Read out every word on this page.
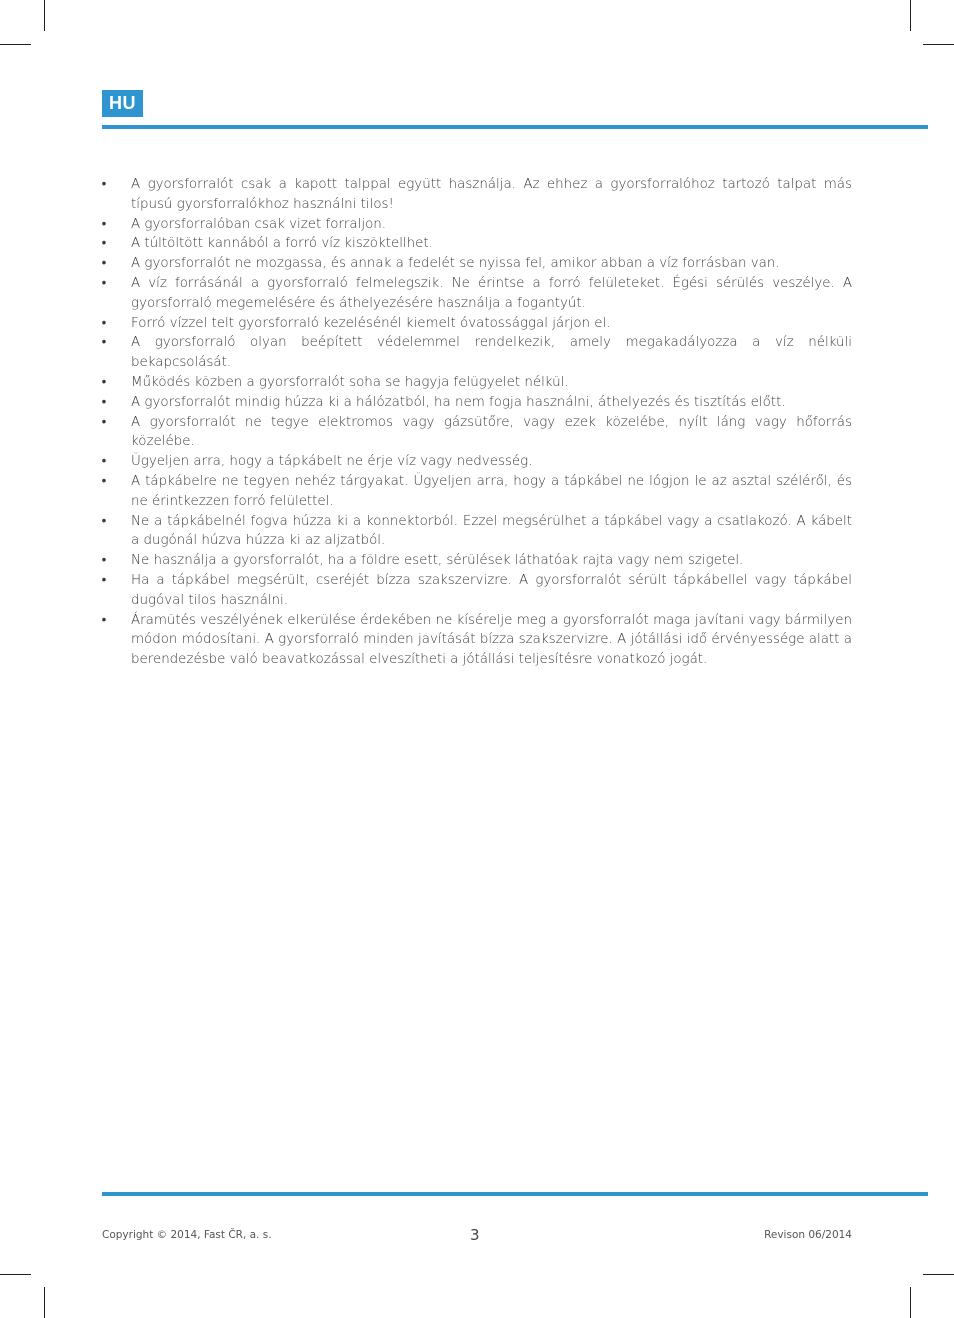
HU
• A gyorsforralót csak a kapott talppal együtt használja. Az ehhez a gyorsforralóhoz tartozó talpat más típusú gyorsforralókhoz használni tilos!
• A gyorsforralóban csak vizet forraljon.
• A túltöltött kannából a forró víz kiszöktellhet.
• A gyorsforralót ne mozgassa, és annak a fedelét se nyissa fel, amikor abban a víz forrásban van.
• A víz forrásánál a gyorsforraló felmelegszik. Ne érintse a forró felületeket. Égési sérülés veszélye. A gyorsforraló megemelésére és áthelyezésére használja a fogantyút.
• Forró vízzel telt gyorsforraló kezelésénél kiemelt óvatossággal járjon el.
• A gyorsforraló olyan beépített védelemmel rendelkezik, amely megakadályozza a víz nélküli bekapcsolását.
• Működés közben a gyorsforralót soha se hagyja felügyelet nélkül.
• A gyorsforralót mindig húzza ki a hálózatból, ha nem fogja használni, áthelyezés és tisztítás előtt.
• A gyorsforralót ne tegye elektromos vagy gázsütőre, vagy ezek közelébe, nyílt láng vagy hőforrás közelébe.
• Ügyeljen arra, hogy a tápkábelt ne érje víz vagy nedvesség.
• A tápkábelre ne tegyen nehéz tárgyakat. Ügyeljen arra, hogy a tápkábel ne lógjon le az asztal széléről, és ne érintkezzen forró felülettel.
• Ne a tápkábelnél fogva húzza ki a konnektorból. Ezzel megsérülhet a tápkábel vagy a csatlakozó. A kábelt a dugónál húzva húzza ki az aljzatból.
• Ne használja a gyorsforralót, ha a földre esett, sérülések láthatóak rajta vagy nem szigetel.
• Ha a tápkábel megsérült, cseréjét bízza szakszervizre. A gyorsforralót sérült tápkábellel vagy tápkábel dugóval tilos használni.
• Áramütés veszélyének elkerülése érdekében ne kísérelje meg a gyorsforralót maga javítani vagy bármilyen módon módosítani. A gyorsforraló minden javítását bízza szakszervizre. A jótállási idő érvényessége alatt a berendezésbe való beavatkozással elveszítheti a jótállási teljesítésre vonatkozó jogát.
Copyright © 2014, Fast ČR, a. s.	3	Revison 06/2014
